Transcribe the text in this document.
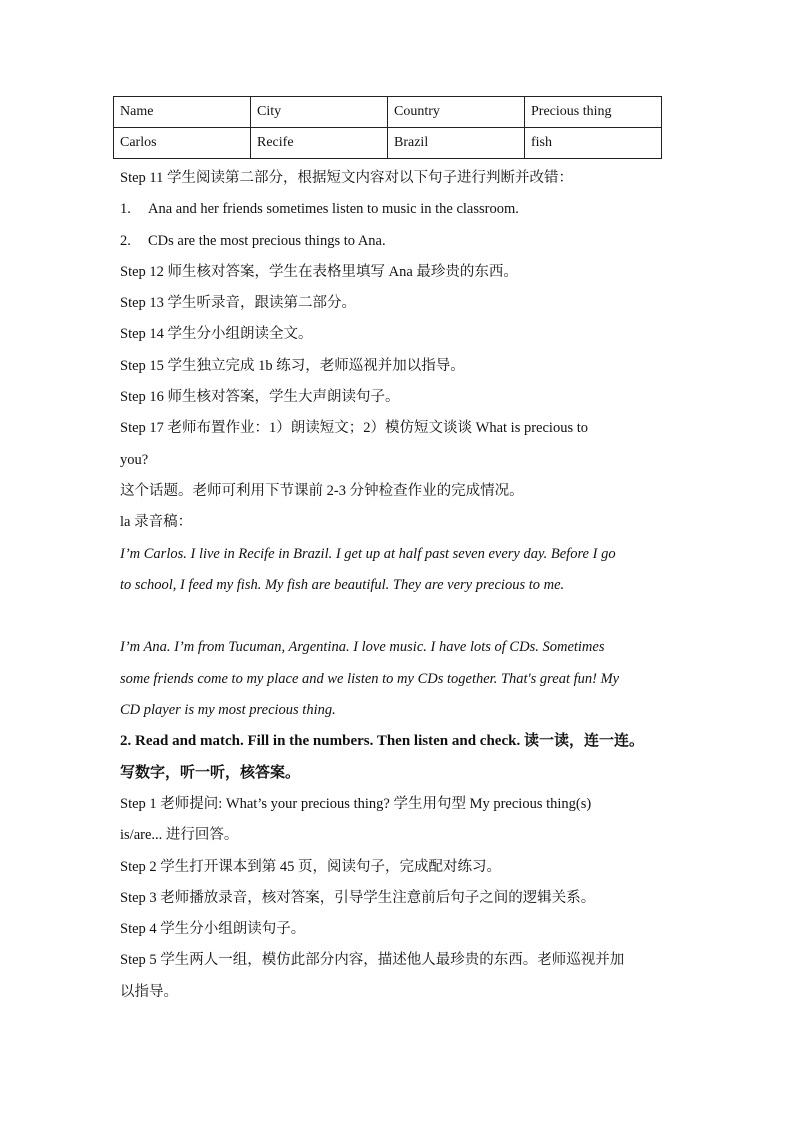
Name	City	Country	Precious thing
Carlos	Recife	Brazil	fish
Step 11 学生阅读第二部分，根据短文内容对以下句子进行判断并改错：
1. Ana and her friends sometimes listen to music in the classroom.
2. CDs are the most precious things to Ana.
Step 12 师生核对答案，学生在表格里填写 Ana 最珍贵的东西。
Step 13 学生听录音，跟读第二部分。
Step 14 学生分小组朗读全文。
Step 15 学生独立完成 1b 练习，老师巡视并加以指导。
Step 16 师生核对答案，学生大声朗读句子。
Step 17 老师布置作业：1）朗读短文；2）模仿短文谈谈 What is precious to
you?
这个话题。老师可利用下节课前 2-3 分钟检查作业的完成情况。
la 录音稿：
I’m Carlos. I live in Recife in Brazil. I get up at half past seven every day. Before I go
to school, I feed my fish. My fish are beautiful. They are very precious to me.
I’m Ana. I’m from Tucuman, Argentina. I love music. I have lots of CDs. Sometimes
some friends come to my place and we listen to my CDs together. That's great fun! My
CD player is my most precious thing.
2. Read and match. Fill in the numbers. Then listen and check. 读一读，连一连。
写数字，听一听，核答案。
Step 1 老师提问: What’s your precious thing? 学生用句型 My precious thing(s)
is/are... 进行回答。
Step 2 学生打开课本到第 45 页，阅读句子，完成配对练习。
Step 3 老师播放录音，核对答案，引导学生注意前后句子之间的逻辑关系。
Step 4 学生分小组朗读句子。
Step 5 学生两人一组，模仿此部分内容，描述他人最珍贵的东西。老师巡视并加
以指导。
